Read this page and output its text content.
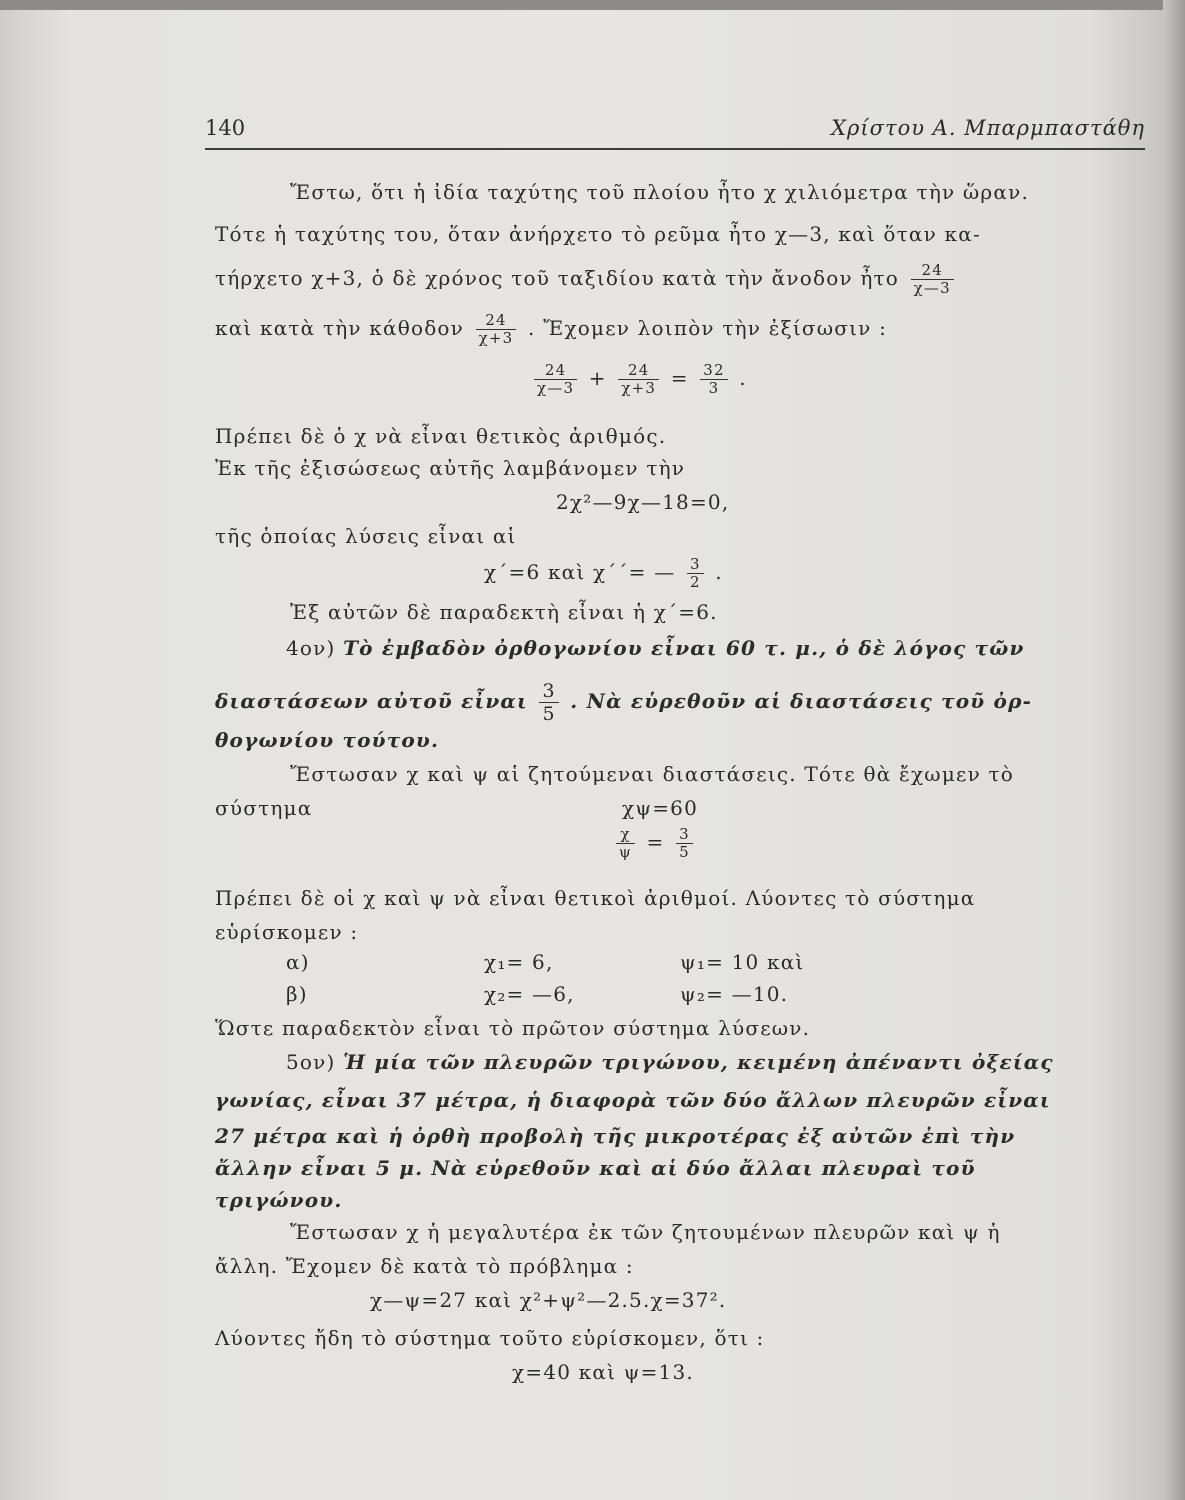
140	Χρίστου Α. Μπαρμπαστάθη
Ἔστω, ὅτι ἡ ἰδία ταχύτης τοῦ πλοίου ἦτο χ χιλιόμετρα τὴν ὥραν.
Τότε ἡ ταχύτης του, ὅταν ἀνήρχετο τὸ ρεῦμα ἦτο χ—3, καὶ ὅταν κα-
τήρχετο χ+3, ὁ δὲ χρόνος τοῦ ταξιδίου κατὰ τὴν ἄνοδον ἦτο $\frac{24}{\chi—3}$
καὶ κατὰ τὴν κάθοδον $\frac{24}{\chi+3}$ . Ἔχομεν λοιπὸν τὴν ἐξίσωσιν :
$\frac{24}{\chi—3} + \frac{24}{\chi+3} = \frac{32}{3}$ .
Πρέπει δὲ ὁ χ νὰ εἶναι θετικὸς ἀριθμός.
Ἐκ τῆς ἐξισώσεως αὐτῆς λαμβάνομεν τὴν
2χ²—9χ—18=0,
τῆς ὁποίας λύσεις εἶναι αἱ
χ΄=6 καὶ χ΄΄= — $\frac{3}{2}$ .
Ἐξ αὐτῶν δὲ παραδεκτὴ εἶναι ἡ χ΄=6.
4ον) Τὸ ἐμβαδὸν ὀρθογωνίου εἶναι 60 τ. μ., ὁ δὲ λόγος τῶν
διαστάσεων αὐτοῦ εἶναι $\frac{3}{5}$ . Νὰ εὑρεθοῦν αἱ διαστάσεις τοῦ ὀρ-
θογωνίου τούτου.
Ἔστωσαν χ καὶ ψ αἱ ζητούμεναι διαστάσεις. Τότε θὰ ἔχωμεν τὸ
σύστημα	χψ=60
$\frac{\chi}{\psi} = \frac{3}{5}$
Πρέπει δὲ οἱ χ καὶ ψ νὰ εἶναι θετικοὶ ἀριθμοί. Λύοντες τὸ σύστημα
εὑρίσκομεν :
α)	χ₁= 6,	ψ₁= 10 καὶ
β)	χ₂= —6,	ψ₂= —10.
Ὥστε παραδεκτὸν εἶναι τὸ πρῶτον σύστημα λύσεων.
5ον) Ἡ μία τῶν πλευρῶν τριγώνου, κειμένη ἀπέναντι ὀξείας
γωνίας, εἶναι 37 μέτρα, ἡ διαφορὰ τῶν δύο ἄλλων πλευρῶν εἶναι
27 μέτρα καὶ ἡ ὀρθὴ προβολὴ τῆς μικροτέρας ἐξ αὐτῶν ἐπὶ τὴν
ἄλλην εἶναι 5 μ. Νὰ εὑρεθοῦν καὶ αἱ δύο ἄλλαι πλευραὶ τοῦ
τριγώνου.
Ἔστωσαν χ ἡ μεγαλυτέρα ἐκ τῶν ζητουμένων πλευρῶν καὶ ψ ἡ
ἄλλη. Ἔχομεν δὲ κατὰ τὸ πρόβλημα :
χ—ψ=27 καὶ χ²+ψ²—2.5.χ=37².
Λύοντες ἤδη τὸ σύστημα τοῦτο εὑρίσκομεν, ὅτι :
χ=40 καὶ ψ=13.
